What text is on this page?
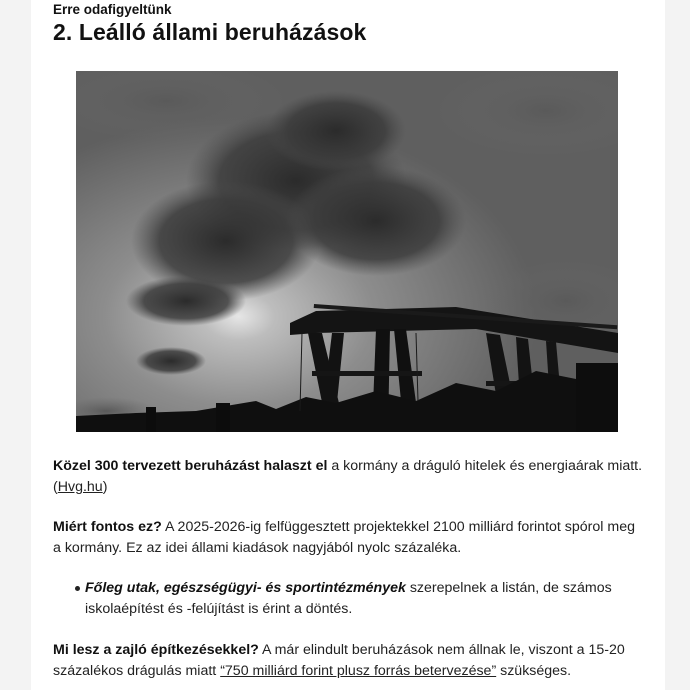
Erre odafigyeltünk

2. Leálló állami beruházások

Közel 300 tervezett beruházást halaszt el a kormány a dráguló hitelek és energiaárak miatt. (Hvg.hu)

Miért fontos ez? A 2025-2026-ig felfüggesztett projektekkel 2100 milliárd forintot spórol meg a kormány. Ez az idei állami kiadások nagyjából nyolc százaléka.

Főleg utak, egészségügyi- és sportintézmények szerepelnek a listán, de számos iskolaépítést és -felújítást is érint a döntés.

Mi lesz a zajló építkezésekkel? A már elindult beruházások nem állnak le, viszont a 15-20 százalékos drágulás miatt “750 milliárd forint plusz forrás betervezése” szükséges.
